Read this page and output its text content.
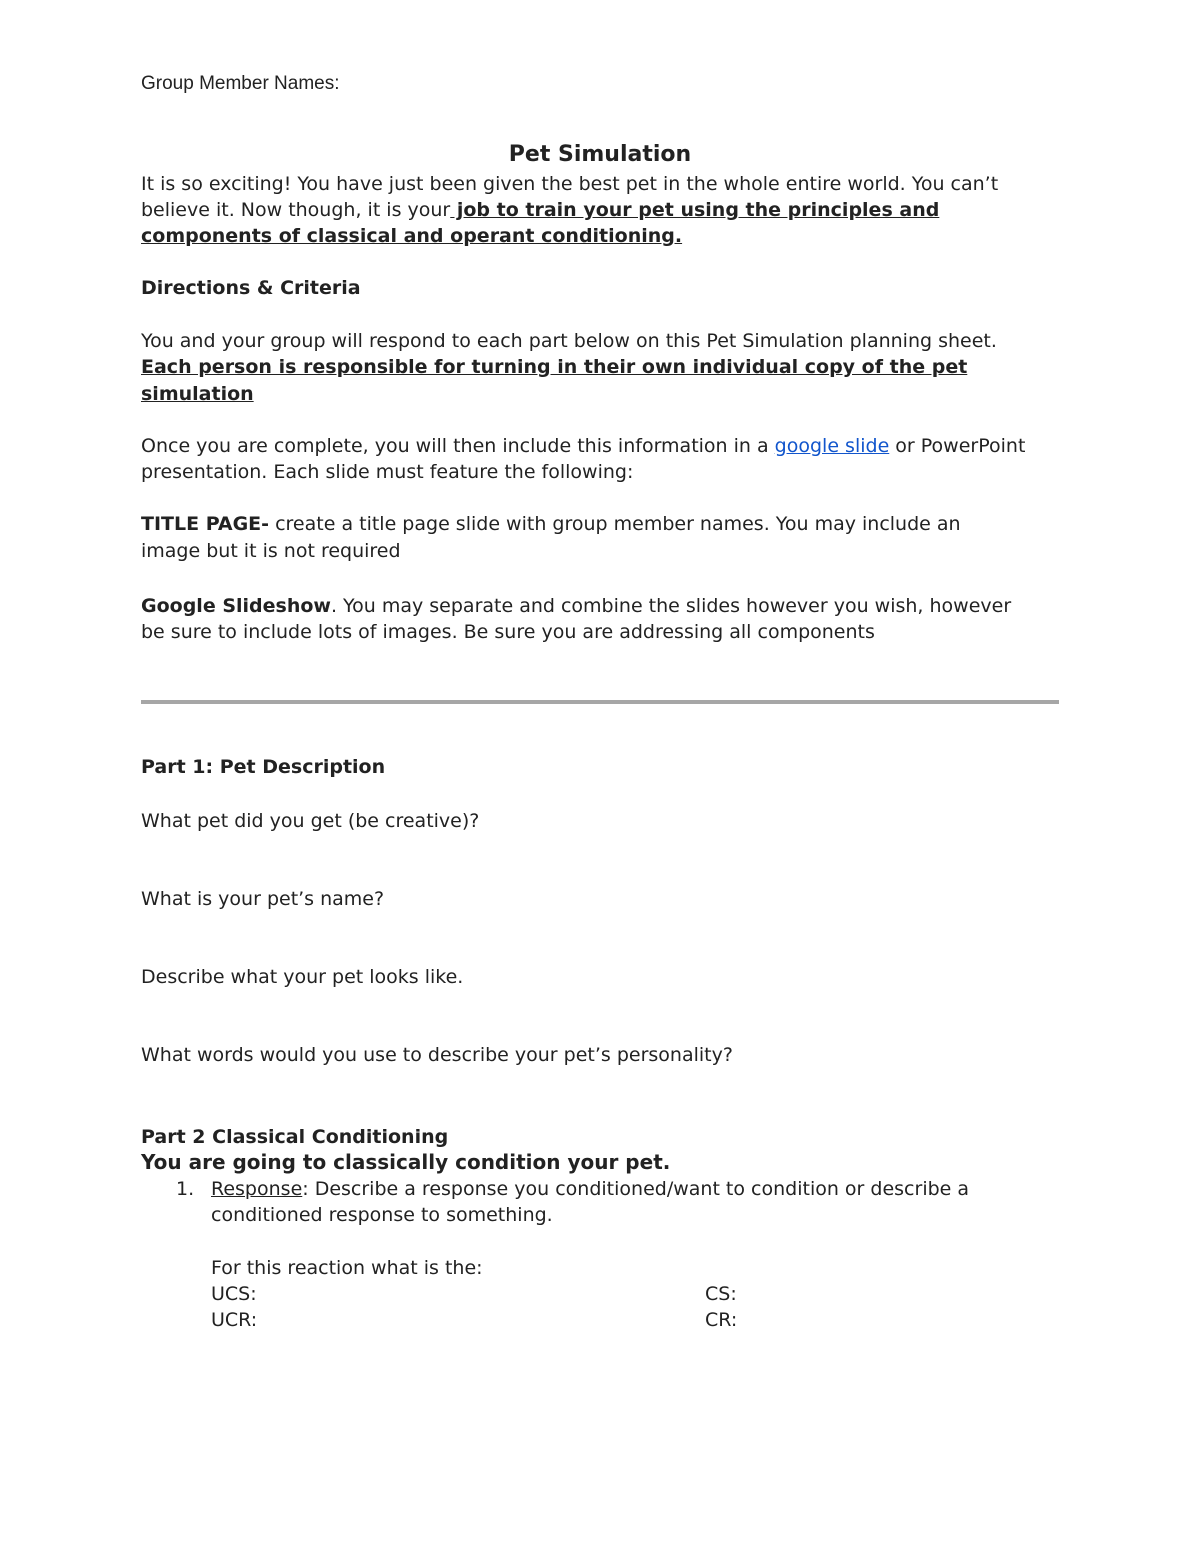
Group Member Names:
Pet Simulation
It is so exciting! You have just been given the best pet in the whole entire world. You can’t
believe it. Now though, it is your job to train your pet using the principles and
components of classical and operant conditioning.
Directions & Criteria
You and your group will respond to each part below on this Pet Simulation planning sheet.
Each person is responsible for turning in their own individual copy of the pet
simulation
Once you are complete, you will then include this information in a google slide or PowerPoint
presentation. Each slide must feature the following:
TITLE PAGE- create a title page slide with group member names. You may include an
image but it is not required
Google Slideshow. You may separate and combine the slides however you wish, however
be sure to include lots of images. Be sure you are addressing all components
Part 1: Pet Description
What pet did you get (be creative)?
What is your pet’s name?
Describe what your pet looks like.
What words would you use to describe your pet’s personality?
Part 2 Classical Conditioning
You are going to classically condition your pet.
1. Response: Describe a response you conditioned/want to condition or describe a
conditioned response to something.
For this reaction what is the:
UCS:	CS:
UCR:	CR:
